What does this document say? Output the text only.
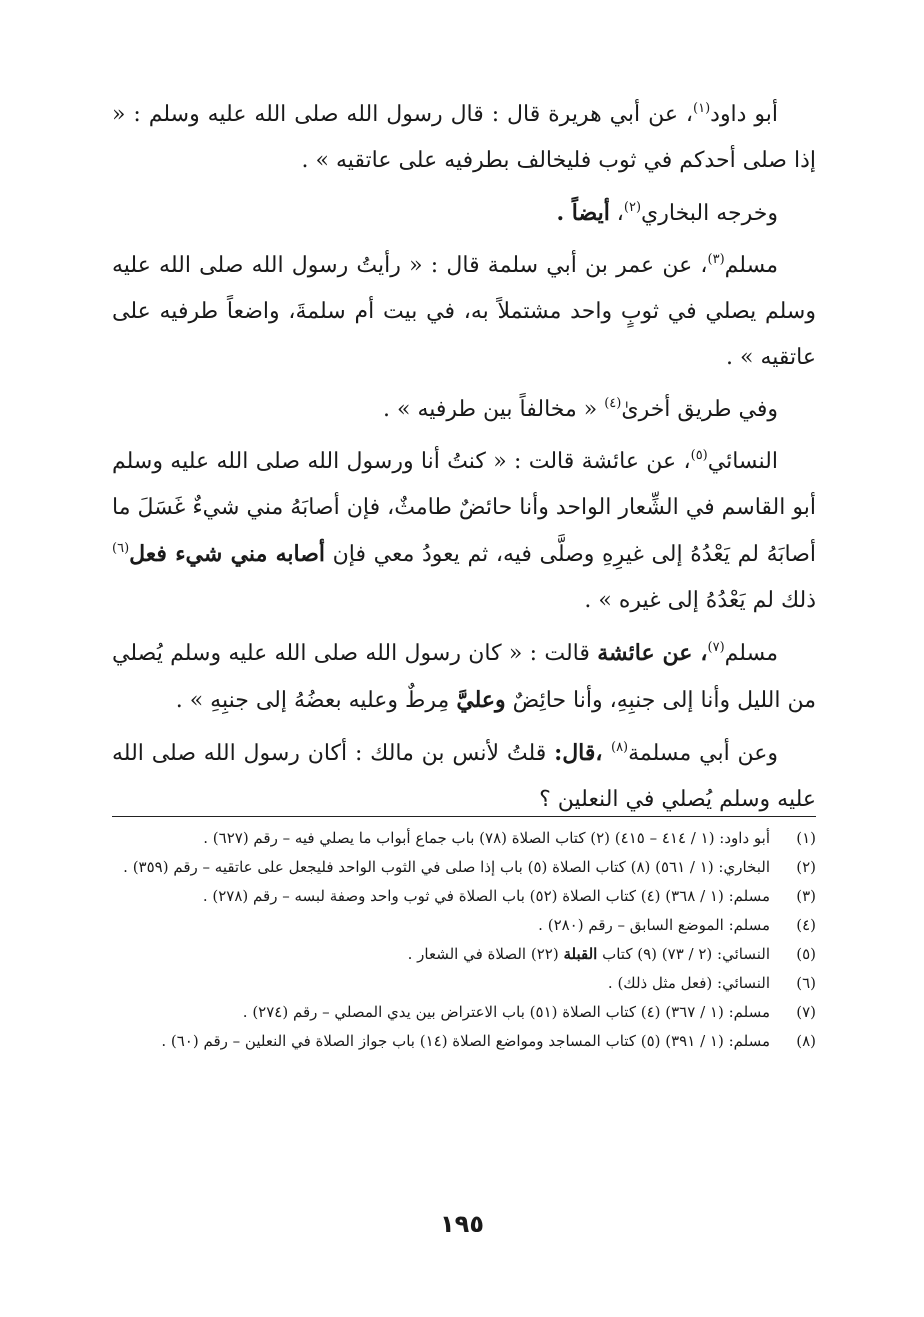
أبو داود$^{(١)}$، عن أبي هريرة قال : قال رسول الله صلى الله عليه وسلم : « إذا صلى أحدكم في ثوب فليخالف بطرفيه على عاتقيه » .

وخرجه البخاري$^{(٢)}$، أيضاً .

مسلم$^{(٣)}$، عن عمر بن أبي سلمة قال : « رأيتُ رسول الله صلى الله عليه وسلم يصلي في ثوبٍ واحد مشتملاً به، في بيت أم سلمةَ، واضعاً طرفيه على عاتقيه » .

وفي طريق أخرىٰ$^{(٤)}$ « مخالفاً بين طرفيه » .

النسائي$^{(٥)}$، عن عائشة قالت : « كنتُ أنا ورسول الله صلى الله عليه وسلم أبو القاسم في الشِّعار الواحد وأنا حائضٌ طامثٌ، فإن أصابَهُ مني شيءٌ غَسَلَ ما أصابَهُ لم يَعْدُهُ إلى غيرِهِ وصلَّى فيه، ثم يعودُ معي فإن أصابه مني شيء فعل$^{(٦)}$ ذلك لم يَعْدُهُ إلى غيره » .

مسلم$^{(٧)}$، عن عائشة قالت : « كان رسول الله صلى الله عليه وسلم يُصلي من الليل وأنا إلى جنبِهِ، وأنا حائِضٌ وعليَّ مِرطٌ وعليه بعضُهُ إلى جنبِهِ » .

وعن أبي مسلمة$^{(٨)}$ ،قال: قلتُ لأنس بن مالك : أكان رسول الله صلى الله عليه وسلم يُصلي في النعلين ؟

(١)
أبو داود: (١ / ٤١٤ – ٤١٥) (٢) كتاب الصلاة (٧٨) باب جماع أبواب ما يصلي فيه – رقم (٦٢٧) .
(٢)
البخاري: (١ / ٥٦١) (٨) كتاب الصلاة (٥) باب إذا صلى في الثوب الواحد فليجعل على عاتقيه – رقم (٣٥٩) .
(٣)
مسلم: (١ / ٣٦٨) (٤) كتاب الصلاة (٥٢) باب الصلاة في ثوب واحد وصفة لبسه – رقم (٢٧٨) .
(٤)
مسلم: الموضع السابق – رقم (٢٨٠) .
(٥)
النسائي: (٢ / ٧٣) (٩) كتاب القبلة (٢٢) الصلاة في الشعار .
(٦)
النسائي: (فعل مثل ذلك) .
(٧)
مسلم: (١ / ٣٦٧) (٤) كتاب الصلاة (٥١) باب الاعتراض بين يدي المصلي – رقم (٢٧٤) .
(٨)
مسلم: (١ / ٣٩١) (٥) كتاب المساجد ومواضع الصلاة (١٤) باب جواز الصلاة في النعلين – رقم (٦٠) .
١٩٥
